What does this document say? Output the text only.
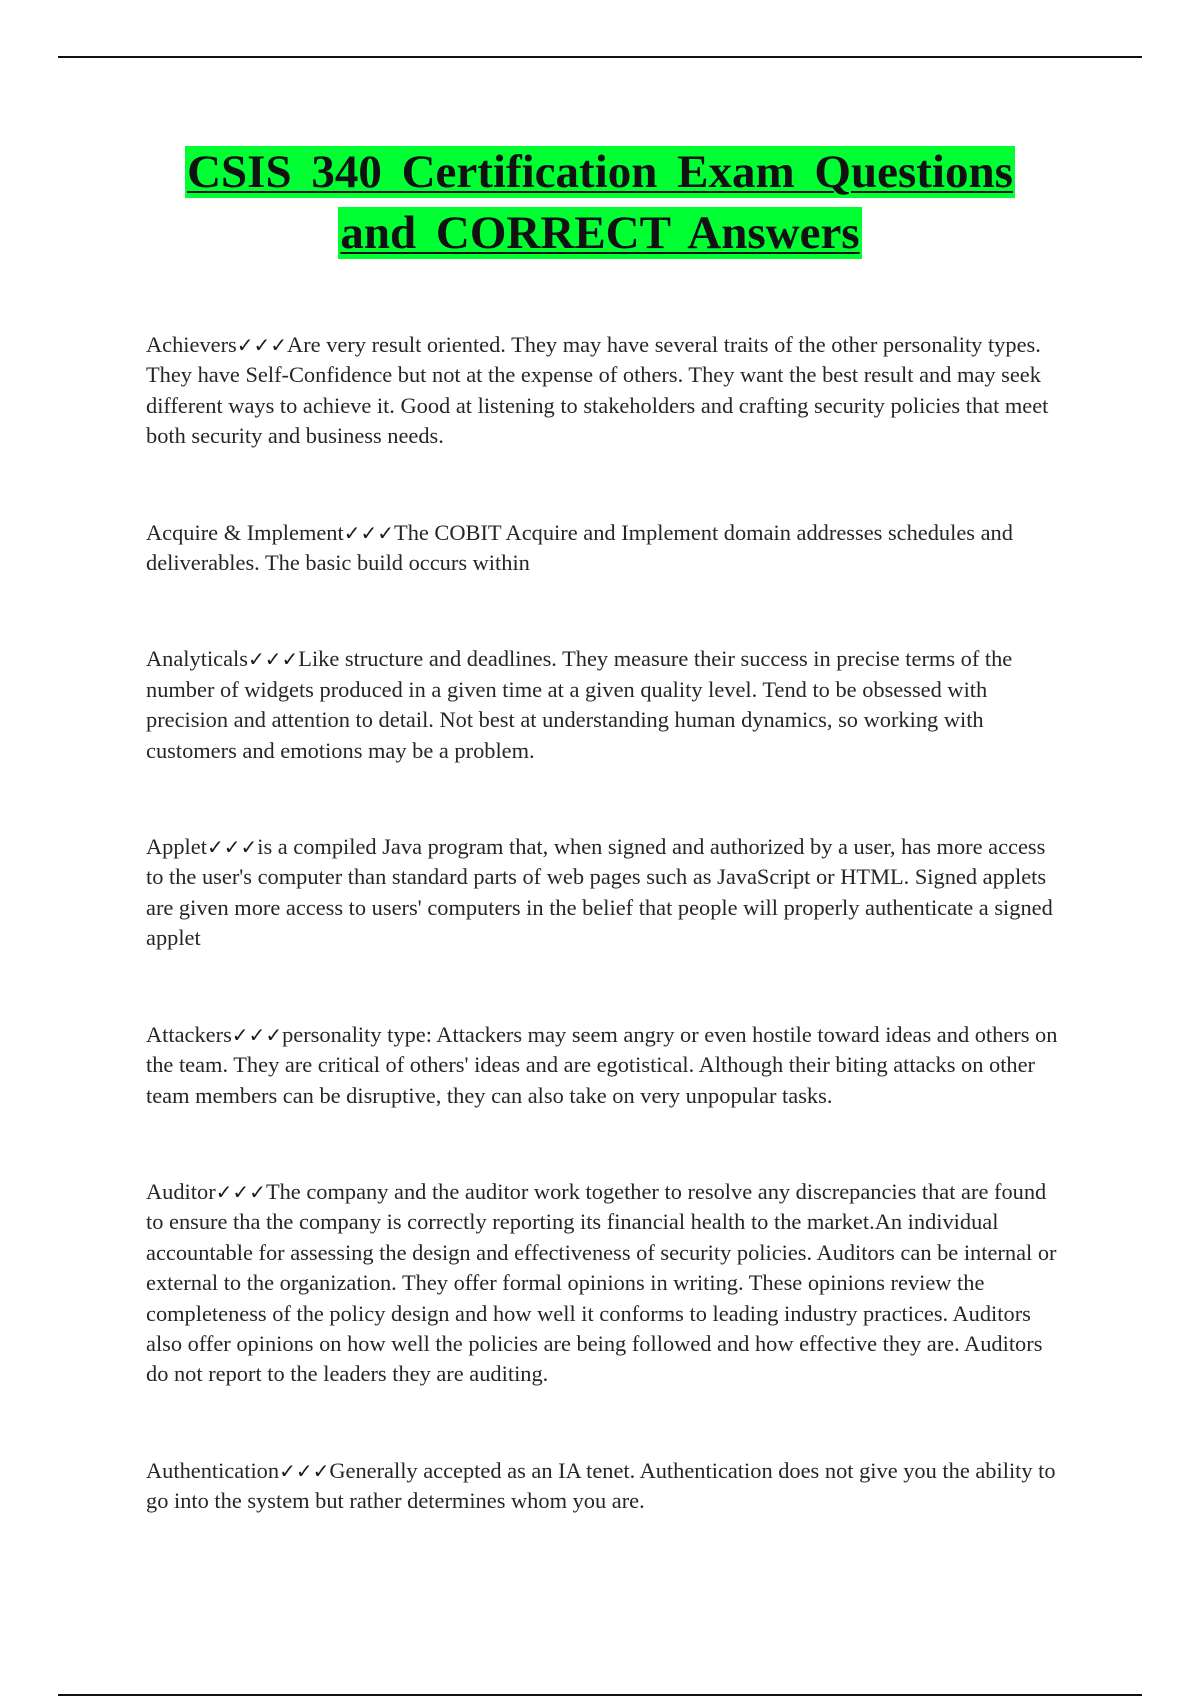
CSIS 340 Certification Exam Questions
and CORRECT Answers

Achievers✓✓✓Are very result oriented. They may have several traits of the other personality types. They have Self-Confidence but not at the expense of others. They want the best result and may seek different ways to achieve it. Good at listening to stakeholders and crafting security policies that meet both security and business needs.

Acquire & Implement✓✓✓The COBIT Acquire and Implement domain addresses schedules and deliverables. The basic build occurs within

Analyticals✓✓✓Like structure and deadlines. They measure their success in precise terms of the number of widgets produced in a given time at a given quality level. Tend to be obsessed with precision and attention to detail. Not best at understanding human dynamics, so working with customers and emotions may be a problem.

Applet✓✓✓is a compiled Java program that, when signed and authorized by a user, has more access to the user's computer than standard parts of web pages such as JavaScript or HTML. Signed applets are given more access to users' computers in the belief that people will properly authenticate a signed applet

Attackers✓✓✓personality type: Attackers may seem angry or even hostile toward ideas and others on the team. They are critical of others' ideas and are egotistical. Although their biting attacks on other team members can be disruptive, they can also take on very unpopular tasks.

Auditor✓✓✓The company and the auditor work together to resolve any discrepancies that are found to ensure tha the company is correctly reporting its financial health to the market.An individual accountable for assessing the design and effectiveness of security policies. Auditors can be internal or external to the organization. They offer formal opinions in writing. These opinions review the completeness of the policy design and how well it conforms to leading industry practices. Auditors also offer opinions on how well the policies are being followed and how effective they are. Auditors do not report to the leaders they are auditing.

Authentication✓✓✓Generally accepted as an IA tenet. Authentication does not give you the ability to go into the system but rather determines whom you are.
